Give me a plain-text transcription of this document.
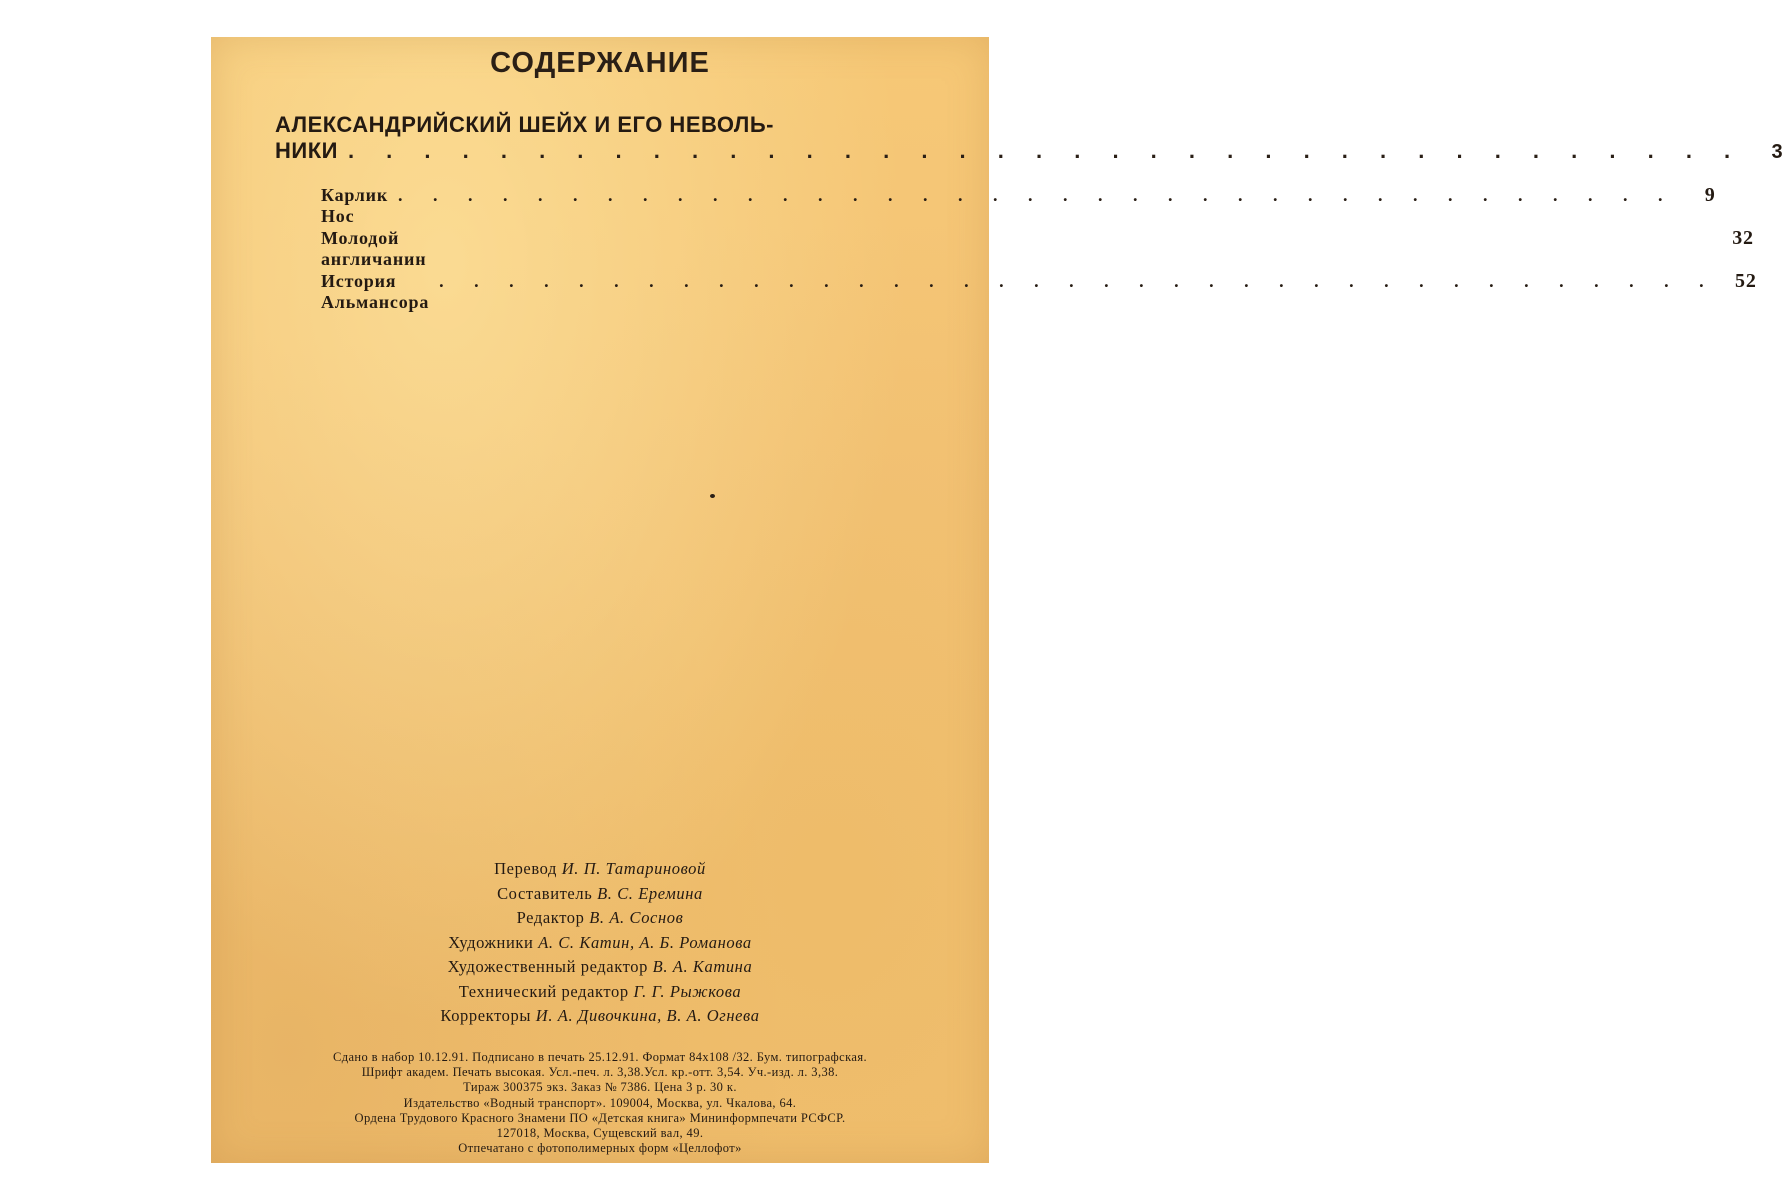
СОДЕРЖАНИЕ
АЛЕКСАНДРИЙСКИЙ ШЕЙХ И ЕГО НЕВОЛЬ-
НИКИ . . . . . . . . . . . . . . . . . . . . . . . . . . . . . . . . . . . . .	3
Карлик Нос
. . . . . . . . . . . . . . . . . . . . . . . . . . . . . . . . . . . . .	9
Молодой англичанин
32
История Альмансора
. . . . . . . . . . . . . . . . . . . . . . . . . . . . . . . . . . . . . 52
Перевод И. П. Татариновой
Составитель В. С. Еремина
Редактор В. А. Соснов
Художники А. С. Катин, А. Б. Романова
Художественный редактор В. А. Катина
Технический редактор Г. Г. Рыжкова
Корректоры И. А. Дивочкина, В. А. Огнева
Сдано в набор 10.12.91. Подписано в печать 25.12.91. Формат 84x108 /32. Бум. типографская.
Шрифт академ. Печать высокая. Усл.-печ. л. 3,38.Усл. кр.-отт. 3,54. Уч.-изд. л. 3,38.
Тираж 300375 экз. Заказ № 7386. Цена 3 р. 30 к.
Издательство «Водный транспорт». 109004, Москва, ул. Чкалова, 64.
Ордена Трудового Красного Знамени ПО «Детская книга» Мининформпечати РСФСР.
127018, Москва, Сущевский вал, 49.
Отпечатано с фотополимерных форм «Целлофот»
